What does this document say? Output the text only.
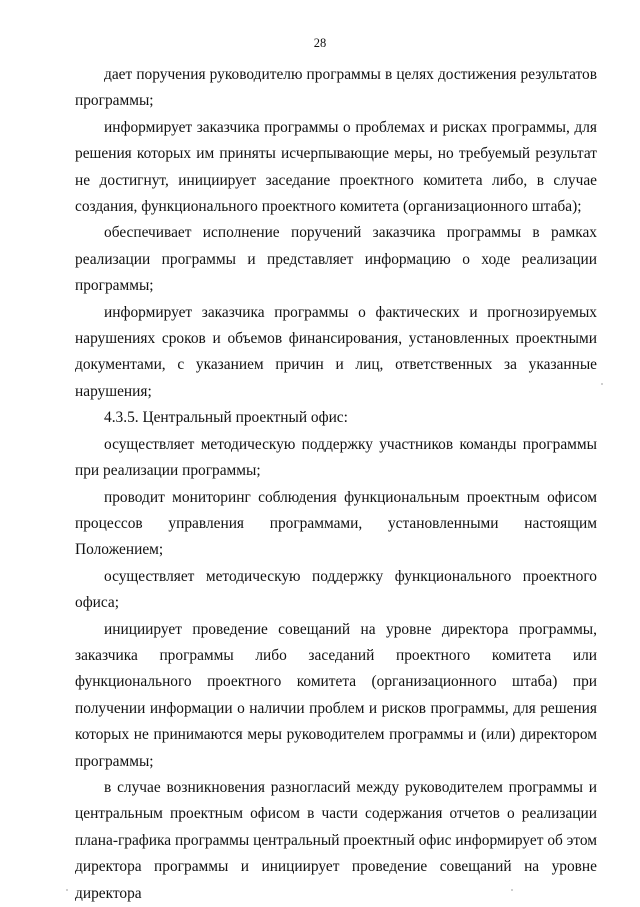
28

дает поручения руководителю программы в целях достижения результатов программы;

информирует заказчика программы о проблемах и рисках программы, для решения которых им приняты исчерпывающие меры, но требуемый результат не достигнут, инициирует заседание проектного комитета либо, в случае создания, функционального проектного комитета (организационного штаба);

обеспечивает исполнение поручений заказчика программы в рамках реализации программы и представляет информацию о ходе реализации программы;

информирует заказчика программы о фактических и прогнозируемых нарушениях сроков и объемов финансирования, установленных проектными документами, с указанием причин и лиц, ответственных за указанные нарушения;

4.3.5. Центральный проектный офис:

осуществляет методическую поддержку участников команды программы при реализации программы;

проводит мониторинг соблюдения функциональным проектным офисом процессов управления программами, установленными настоящим Положением;

осуществляет методическую поддержку функционального проектного офиса;

инициирует проведение совещаний на уровне директора программы, заказчика программы либо заседаний проектного комитета или функционального проектного комитета (организационного штаба) при получении информации о наличии проблем и рисков программы, для решения которых не принимаются меры руководителем программы и (или) директором программы;

в случае возникновения разногласий между руководителем программы и центральным проектным офисом в части содержания отчетов о реализации плана-графика программы центральный проектный офис информирует об этом директора программы и инициирует проведение совещаний на уровне директора
